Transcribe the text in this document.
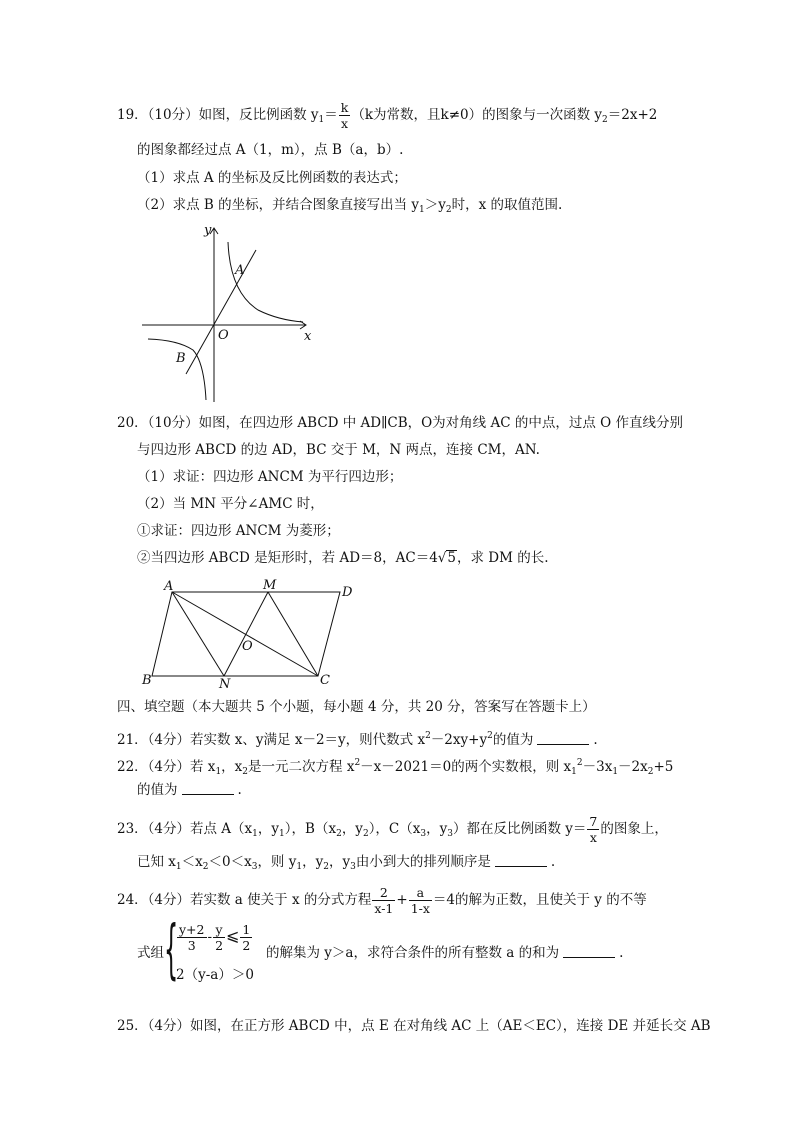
19．（10分）如图，反比例函数 $y_1= \frac{k}{x} (k$为常数，且k≠0）的图象与一次函数 $y_2=2x+2$
的图象都经过点 A（1，m），点 B（a，b）.
（1）求点 A 的坐标及反比例函数的表达式；
（2）求点 B 的坐标，并结合图象直接写出当 $y_1>y_2$时，x 的取值范围.
y
x
O
A
B
20．（10分）如图，在四边形 ABCD 中 AD∥CB，O为对角线 AC 的中点，过点 O 作直线分别
与四边形 ABCD 的边 AD，BC 交于 M，N 两点，连接 CM，AN.
（1）求证：四边形 ANCM 为平行四边形；
（2）当 MN 平分∠AMC 时，
①求证：四边形 ANCM 为菱形；
②当四边形 ABCD 是矩形时，若 AD＝8，AC＝4√5，求 DM 的长.
A	M	D
O
B	N	C
四、填空题（本大题共 5 个小题，每小题 4 分，共 20 分，答案写在答题卡上）
21．（4分）若实数 x、y满足 x－2＝y，则代数式 $x^2-2xy+y^2$的值为	.
22．（4分）若 $x_1$，$x_2$是一元二次方程 $x^2-x-2021=0$的两个实数根，则 $x_1^2-3x_1-2x_2+5$
的值为	.
23．（4分）若点 $A(x_1$，$y_1$），$B(x_2$，$y_2$），$C(x_3$，$y_3$）都在反比例函数 $y= \frac{7}{x}$ 的图象上，
已知 $x_1<x_2<0<x_3$，则 $y_1$，$y_2$，$y_3$由小到大的排列顺序是	.
24．（4分）若实数 a 使关于 x 的分式方程 $\frac{2}{x-1} + \frac{a}{1-x} =4$的解为正数，且使关于 y 的不等
式组 {
$\frac{y+2}{3} - \frac{y}{2}$ ⩽ $\frac{1}{2}$
2（y-a）＞0
的解集为 y＞a，求符合条件的所有整数 a 的和为	.
25．（4分）如图，在正方形 ABCD 中，点 E 在对角线 AC 上（AE＜EC），连接 DE 并延长交 AB
